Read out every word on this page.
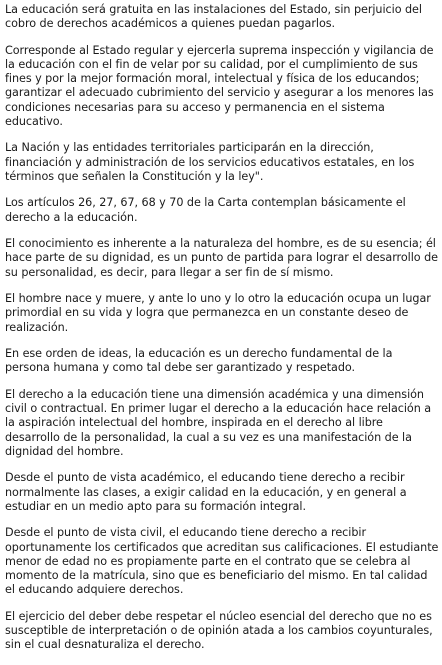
La educación será gratuita en las instalaciones del Estado, sin perjuicio del cobro de derechos académicos a quienes puedan pagarlos.

Corresponde al Estado regular y ejercerla suprema inspección y vigilancia de la educación con el fin de velar por su calidad, por el cumplimiento de sus fines y por la mejor formación moral, intelectual y física de los educandos; garantizar el adecuado cubrimiento del servicio y asegurar a los menores las condiciones necesarias para su acceso y permanencia en el sistema educativo.

La Nación y las entidades territoriales participarán en la dirección, financiación y administración de los servicios educativos estatales, en los términos que señalen la Constitución y la ley".

Los artículos 26, 27, 67, 68 y 70 de la Carta contemplan básicamente el derecho a la educación.

El conocimiento es inherente a la naturaleza del hombre, es de su esencia; él hace parte de su dignidad, es un punto de partida para lograr el desarrollo de su personalidad, es decir, para llegar a ser fin de sí mismo.

El hombre nace y muere, y ante lo uno y lo otro la educación ocupa un lugar primordial en su vida y logra que permanezca en un constante deseo de realización.

En ese orden de ideas, la educación es un derecho fundamental de la persona humana y como tal debe ser garantizado y respetado.

El derecho a la educación tiene una dimensión académica y una dimensión civil o contractual. En primer lugar el derecho a la educación hace relación a la aspiración intelectual del hombre, inspirada en el derecho al libre desarrollo de la personalidad, la cual a su vez es una manifestación de la dignidad del hombre.

Desde el punto de vista académico, el educando tiene derecho a recibir normalmente las clases, a exigir calidad en la educación, y en general a estudiar en un medio apto para su formación integral.

Desde el punto de vista civil, el educando tiene derecho a recibir oportunamente los certificados que acreditan sus calificaciones. El estudiante menor de edad no es propiamente parte en el contrato que se celebra al momento de la matrícula, sino que es beneficiario del mismo. En tal calidad el educando adquiere derechos.

El ejercicio del deber debe respetar el núcleo esencial del derecho que no es susceptible de interpretación o de opinión atada a los cambios coyunturales, sin el cual desnaturaliza el derecho.
